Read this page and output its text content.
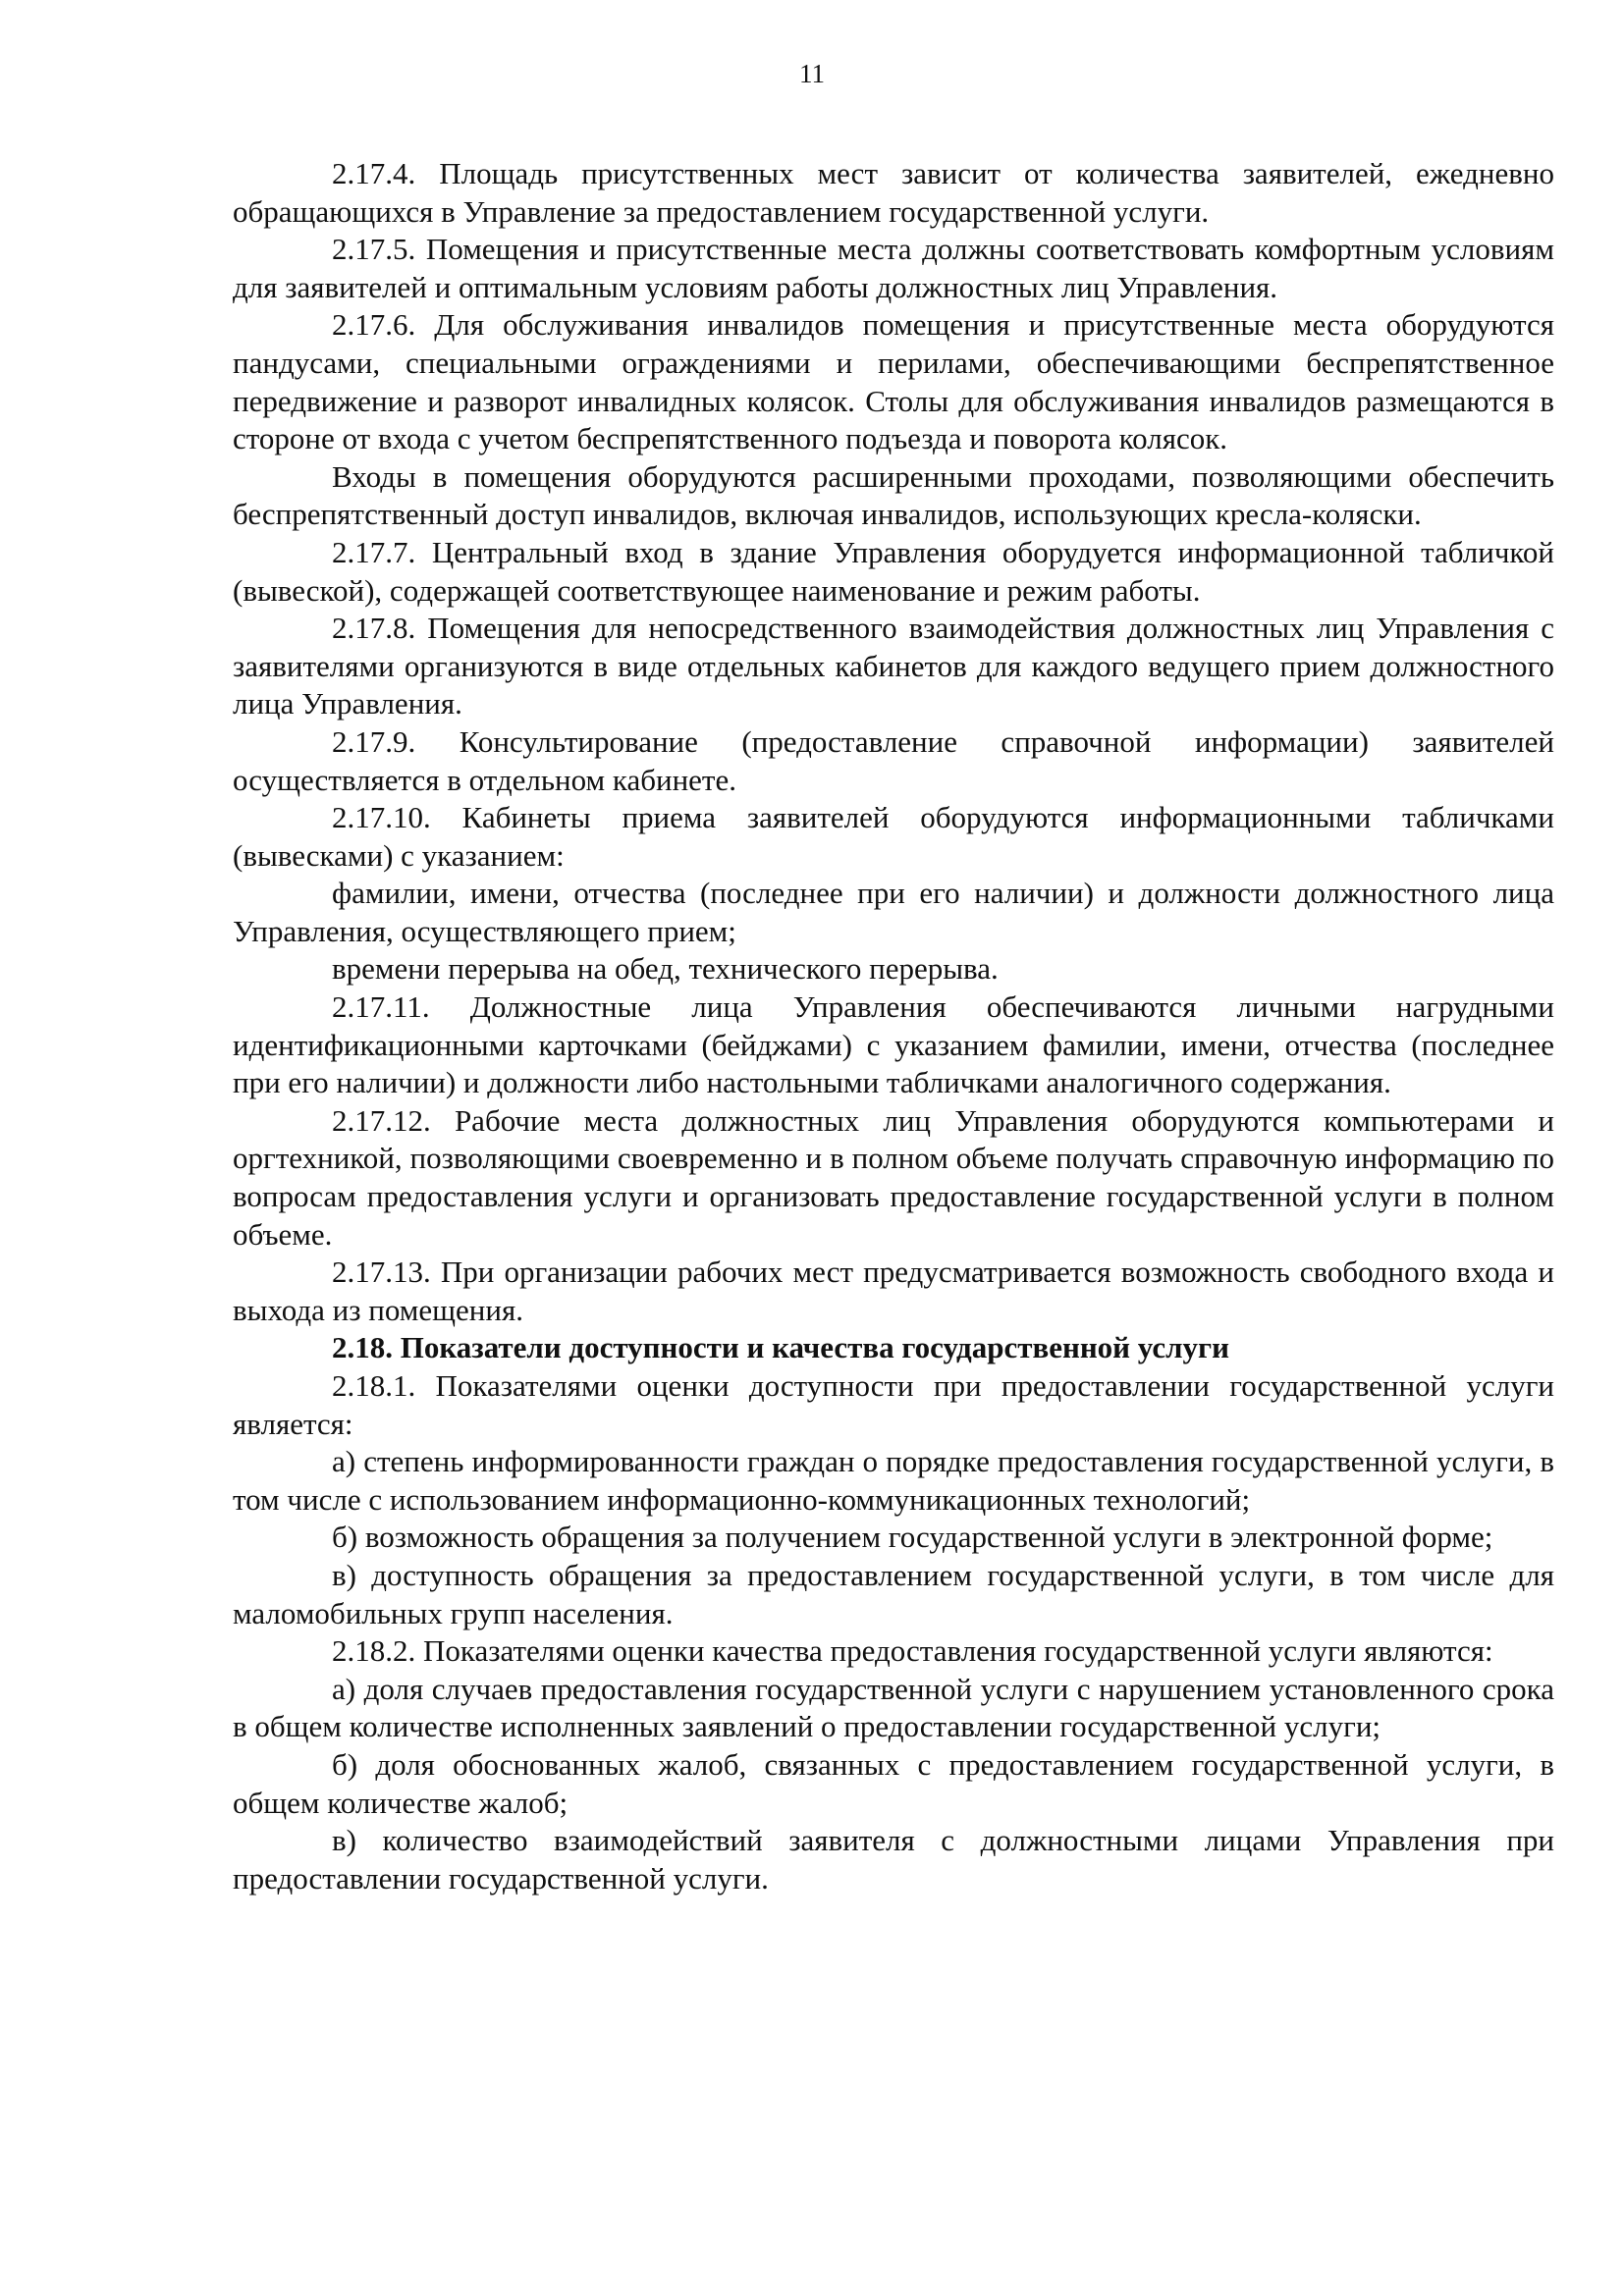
11

2.17.4. Площадь присутственных мест зависит от количества заявителей, ежедневно обращающихся в Управление за предоставлением государственной услуги.

2.17.5. Помещения и присутственные места должны соответствовать комфортным условиям для заявителей и оптимальным условиям работы должностных лиц Управления.

2.17.6. Для обслуживания инвалидов помещения и присутственные места оборудуются пандусами, специальными ограждениями и перилами, обеспечивающими беспрепятственное передвижение и разворот инвалидных колясок. Столы для обслуживания инвалидов размещаются в стороне от входа с учетом беспрепятственного подъезда и поворота колясок.

Входы в помещения оборудуются расширенными проходами, позволяющими обеспечить беспрепятственный доступ инвалидов, включая инвалидов, использующих кресла-коляски.

2.17.7. Центральный вход в здание Управления оборудуется информационной табличкой (вывеской), содержащей соответствующее наименование и режим работы.

2.17.8. Помещения для непосредственного взаимодействия должностных лиц Управления с заявителями организуются в виде отдельных кабинетов для каждого ведущего прием должностного лица Управления.

2.17.9. Консультирование (предоставление справочной информации) заявителей осуществляется в отдельном кабинете.

2.17.10. Кабинеты приема заявителей оборудуются информационными табличками (вывесками) с указанием:

фамилии, имени, отчества (последнее при его наличии) и должности должностного лица Управления, осуществляющего прием;

времени перерыва на обед, технического перерыва.

2.17.11. Должностные лица Управления обеспечиваются личными нагрудными идентификационными карточками (бейджами) с указанием фамилии, имени, отчества (последнее при его наличии) и должности либо настольными табличками аналогичного содержания.

2.17.12. Рабочие места должностных лиц Управления оборудуются компьютерами и оргтехникой, позволяющими своевременно и в полном объеме получать справочную информацию по вопросам предоставления услуги и организовать предоставление государственной услуги в полном объеме.

2.17.13. При организации рабочих мест предусматривается возможность свободного входа и выхода из помещения.

2.18. Показатели доступности и качества государственной услуги

2.18.1. Показателями оценки доступности при предоставлении государственной услуги является:

а) степень информированности граждан о порядке предоставления государственной услуги, в том числе с использованием информационно-коммуникационных технологий;

б) возможность обращения за получением государственной услуги в электронной форме;

в) доступность обращения за предоставлением государственной услуги, в том числе для маломобильных групп населения.

2.18.2. Показателями оценки качества предоставления государственной услуги являются:

а) доля случаев предоставления государственной услуги с нарушением установленного срока в общем количестве исполненных заявлений о предоставлении государственной услуги;

б) доля обоснованных жалоб, связанных с предоставлением государственной услуги, в общем количестве жалоб;

в) количество взаимодействий заявителя с должностными лицами Управления при предоставлении государственной услуги.
